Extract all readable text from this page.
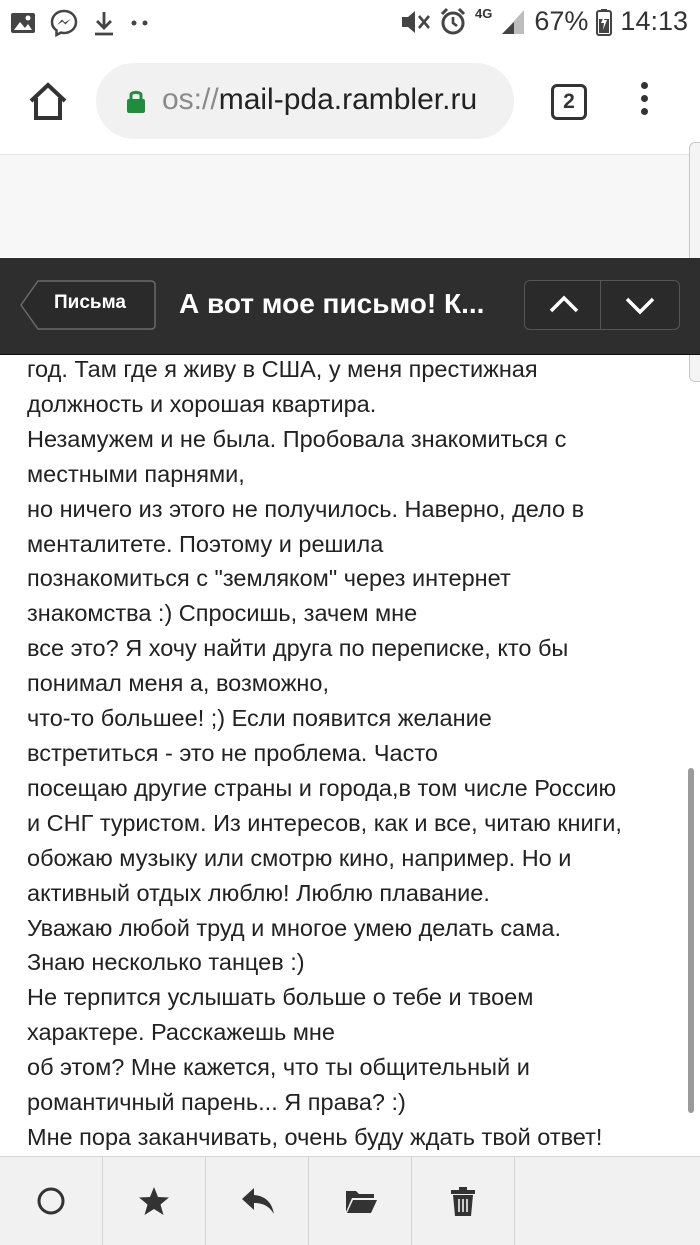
4G 67% 14:13
os://mail-pda.rambler.ru	2
Письма А вот мое письмо! К...
год. Там где я живу в США, у меня престижная
должность и хорошая квартира.
Незамужем и не была. Пробовала знакомиться с
местными парнями,
но ничего из этого не получилось. Наверно, дело в
менталитете. Поэтому и решила
познакомиться с "земляком" через интернет
знакомства :) Спросишь, зачем мне
все это? Я хочу найти друга по переписке, кто бы
понимал меня а, возможно,
что-то большее! ;) Если появится желание
встретиться - это не проблема. Часто
посещаю другие страны и города,в том числе Россию
и СНГ туристом. Из интересов, как и все, читаю книги,
обожаю музыку или смотрю кино, например. Но и
активный отдых люблю! Люблю плавание.
Уважаю любой труд и многое умею делать сама.
Знаю несколько танцев :)
Не терпится услышать больше о тебе и твоем
характере. Расскажешь мне
об этом? Мне кажется, что ты общительный и
романтичный парень... Я права? :)
Мне пора заканчивать, очень буду ждать твой ответ!
